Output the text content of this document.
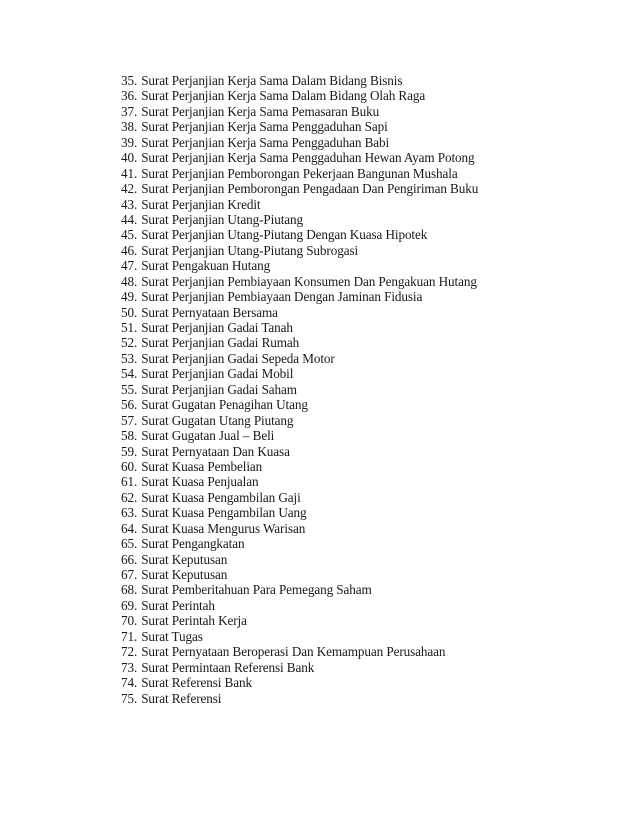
35. Surat Perjanjian Kerja Sama Dalam Bidang Bisnis
36. Surat Perjanjian Kerja Sama Dalam Bidang Olah Raga
37. Surat Perjanjian Kerja Sama Pemasaran Buku
38. Surat Perjanjian Kerja Sama Penggaduhan Sapi
39. Surat Perjanjian Kerja Sama Penggaduhan Babi
40. Surat Perjanjian Kerja Sama Penggaduhan Hewan Ayam Potong
41. Surat Perjanjian Pemborongan Pekerjaan Bangunan Mushala
42. Surat Perjanjian Pemborongan Pengadaan Dan Pengiriman Buku
43. Surat Perjanjian Kredit
44. Surat Perjanjian Utang-Piutang
45. Surat Perjanjian Utang-Piutang Dengan Kuasa Hipotek
46. Surat Perjanjian Utang-Piutang Subrogasi
47. Surat Pengakuan Hutang
48. Surat Perjanjian Pembiayaan Konsumen Dan Pengakuan Hutang
49. Surat Perjanjian Pembiayaan Dengan Jaminan Fidusia
50. Surat Pernyataan Bersama
51. Surat Perjanjian Gadai Tanah
52. Surat Perjanjian Gadai Rumah
53. Surat Perjanjian Gadai Sepeda Motor
54. Surat Perjanjian Gadai Mobil
55. Surat Perjanjian Gadai Saham
56. Surat Gugatan Penagihan Utang
57. Surat Gugatan Utang Piutang
58. Surat Gugatan Jual – Beli
59. Surat Pernyataan Dan Kuasa
60. Surat Kuasa Pembelian
61. Surat Kuasa Penjualan
62. Surat Kuasa Pengambilan Gaji
63. Surat Kuasa Pengambilan Uang
64. Surat Kuasa Mengurus Warisan
65. Surat Pengangkatan
66. Surat Keputusan
67. Surat Keputusan
68. Surat Pemberitahuan Para Pemegang Saham
69. Surat Perintah
70. Surat Perintah Kerja
71. Surat Tugas
72. Surat Pernyataan Beroperasi Dan Kemampuan Perusahaan
73. Surat Permintaan Referensi Bank
74. Surat Referensi Bank
75. Surat Referensi
